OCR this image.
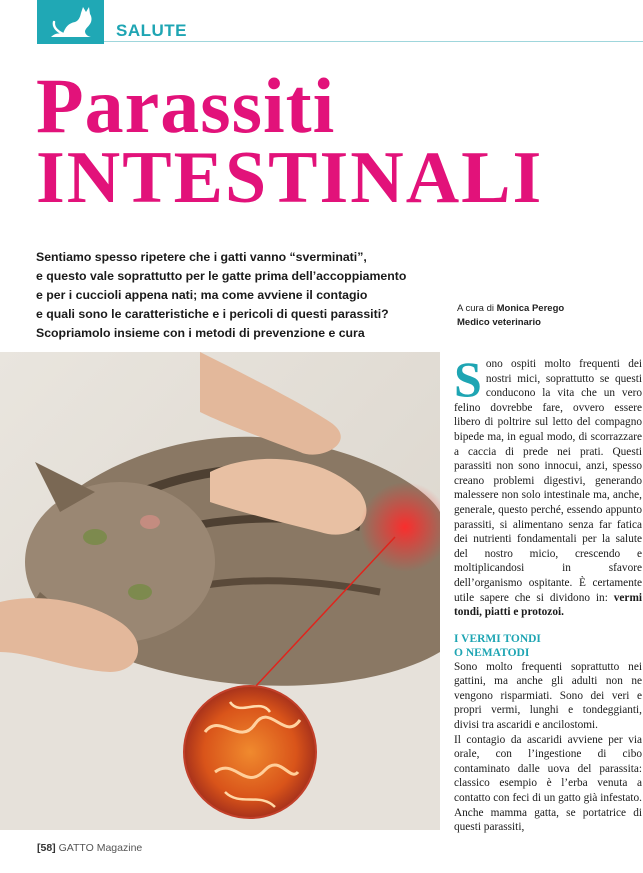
SALUTE
Parassiti
INTESTINALI
Sentiamo spesso ripetere che i gatti vanno “sverminati”,
e questo vale soprattutto per le gatte prima dell’accoppiamento
e per i cuccioli appena nati; ma come avviene il contagio
e quali sono le caratteristiche e i pericoli di questi parassiti?
Scopriamolo insieme con i metodi di prevenzione e cura
A cura di Monica Perego
Medico veterinario

Sono ospiti molto frequenti dei nostri mici, soprattutto se questi conducono la vita che un vero felino dovrebbe fare, ovvero essere libero di poltrire sul letto del compagno bipede ma, in egual modo, di scorrazzare a caccia di prede nei prati. Questi parassiti non sono innocui, anzi, spesso creano problemi digestivi, generando malessere non solo intestinale ma, anche, generale, questo perché, essendo appunto parassiti, si alimentano senza far fatica dei nutrienti fondamentali per la salute del nostro micio, crescendo e moltiplicandosi in sfavore dell’organismo ospitante. È certamente utile sapere che si dividono in: vermi tondi, piatti e protozoi.

I VERMI TONDI
O NEMATODI

Sono molto frequenti soprattutto nei gattini, ma anche gli adulti non ne vengono risparmiati. Sono dei veri e propri vermi, lunghi e tondeggianti, divisi tra ascaridi e ancilostomi.

Il contagio da ascaridi avviene per via orale, con l’ingestione di cibo contaminato dalle uova del parassita: classico esempio è l’erba venuta a contatto con feci di un gatto già infestato. Anche mamma gatta, se portatrice di questi parassiti,

[58] GATTO Magazine
